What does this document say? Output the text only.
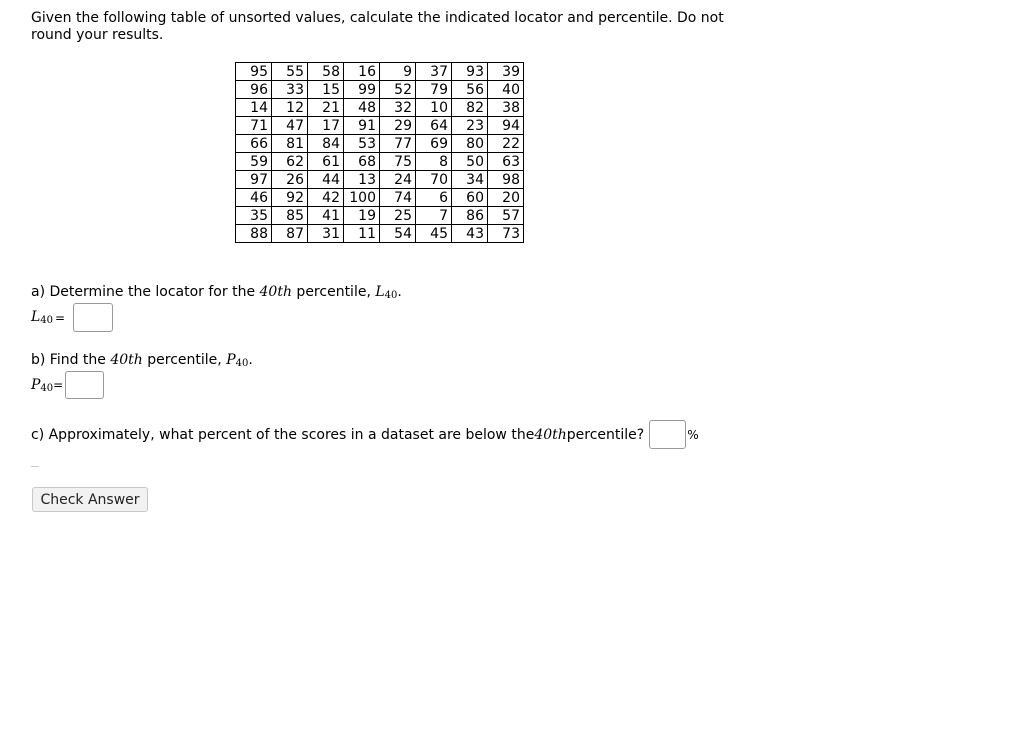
Given the following table of unsorted values, calculate the indicated locator and percentile. Do not round your results.
95	55	58	16	9	37	93	39
96	33	15	99	52	79	56	40
14	12	21	48	32	10	82	38
71	47	17	91	29	64	23	94
66	81	84	53	77	69	80	22
59	62	61	68	75	8	50	63
97	26	44	13	24	70	34	98
46	92	42	100	74	6	60	20
35	85	41	19	25	7	86	57
88	87	31	11	54	45	43	73
a) Determine the locator for the 40th percentile, $L_{40}$.
$L_{40}$ =
b) Find the 40th percentile, $P_{40}$.
$P_{40}$ =
c) Approximately, what percent of the scores in a dataset are below the 40th percentile?	%
Check Answer
